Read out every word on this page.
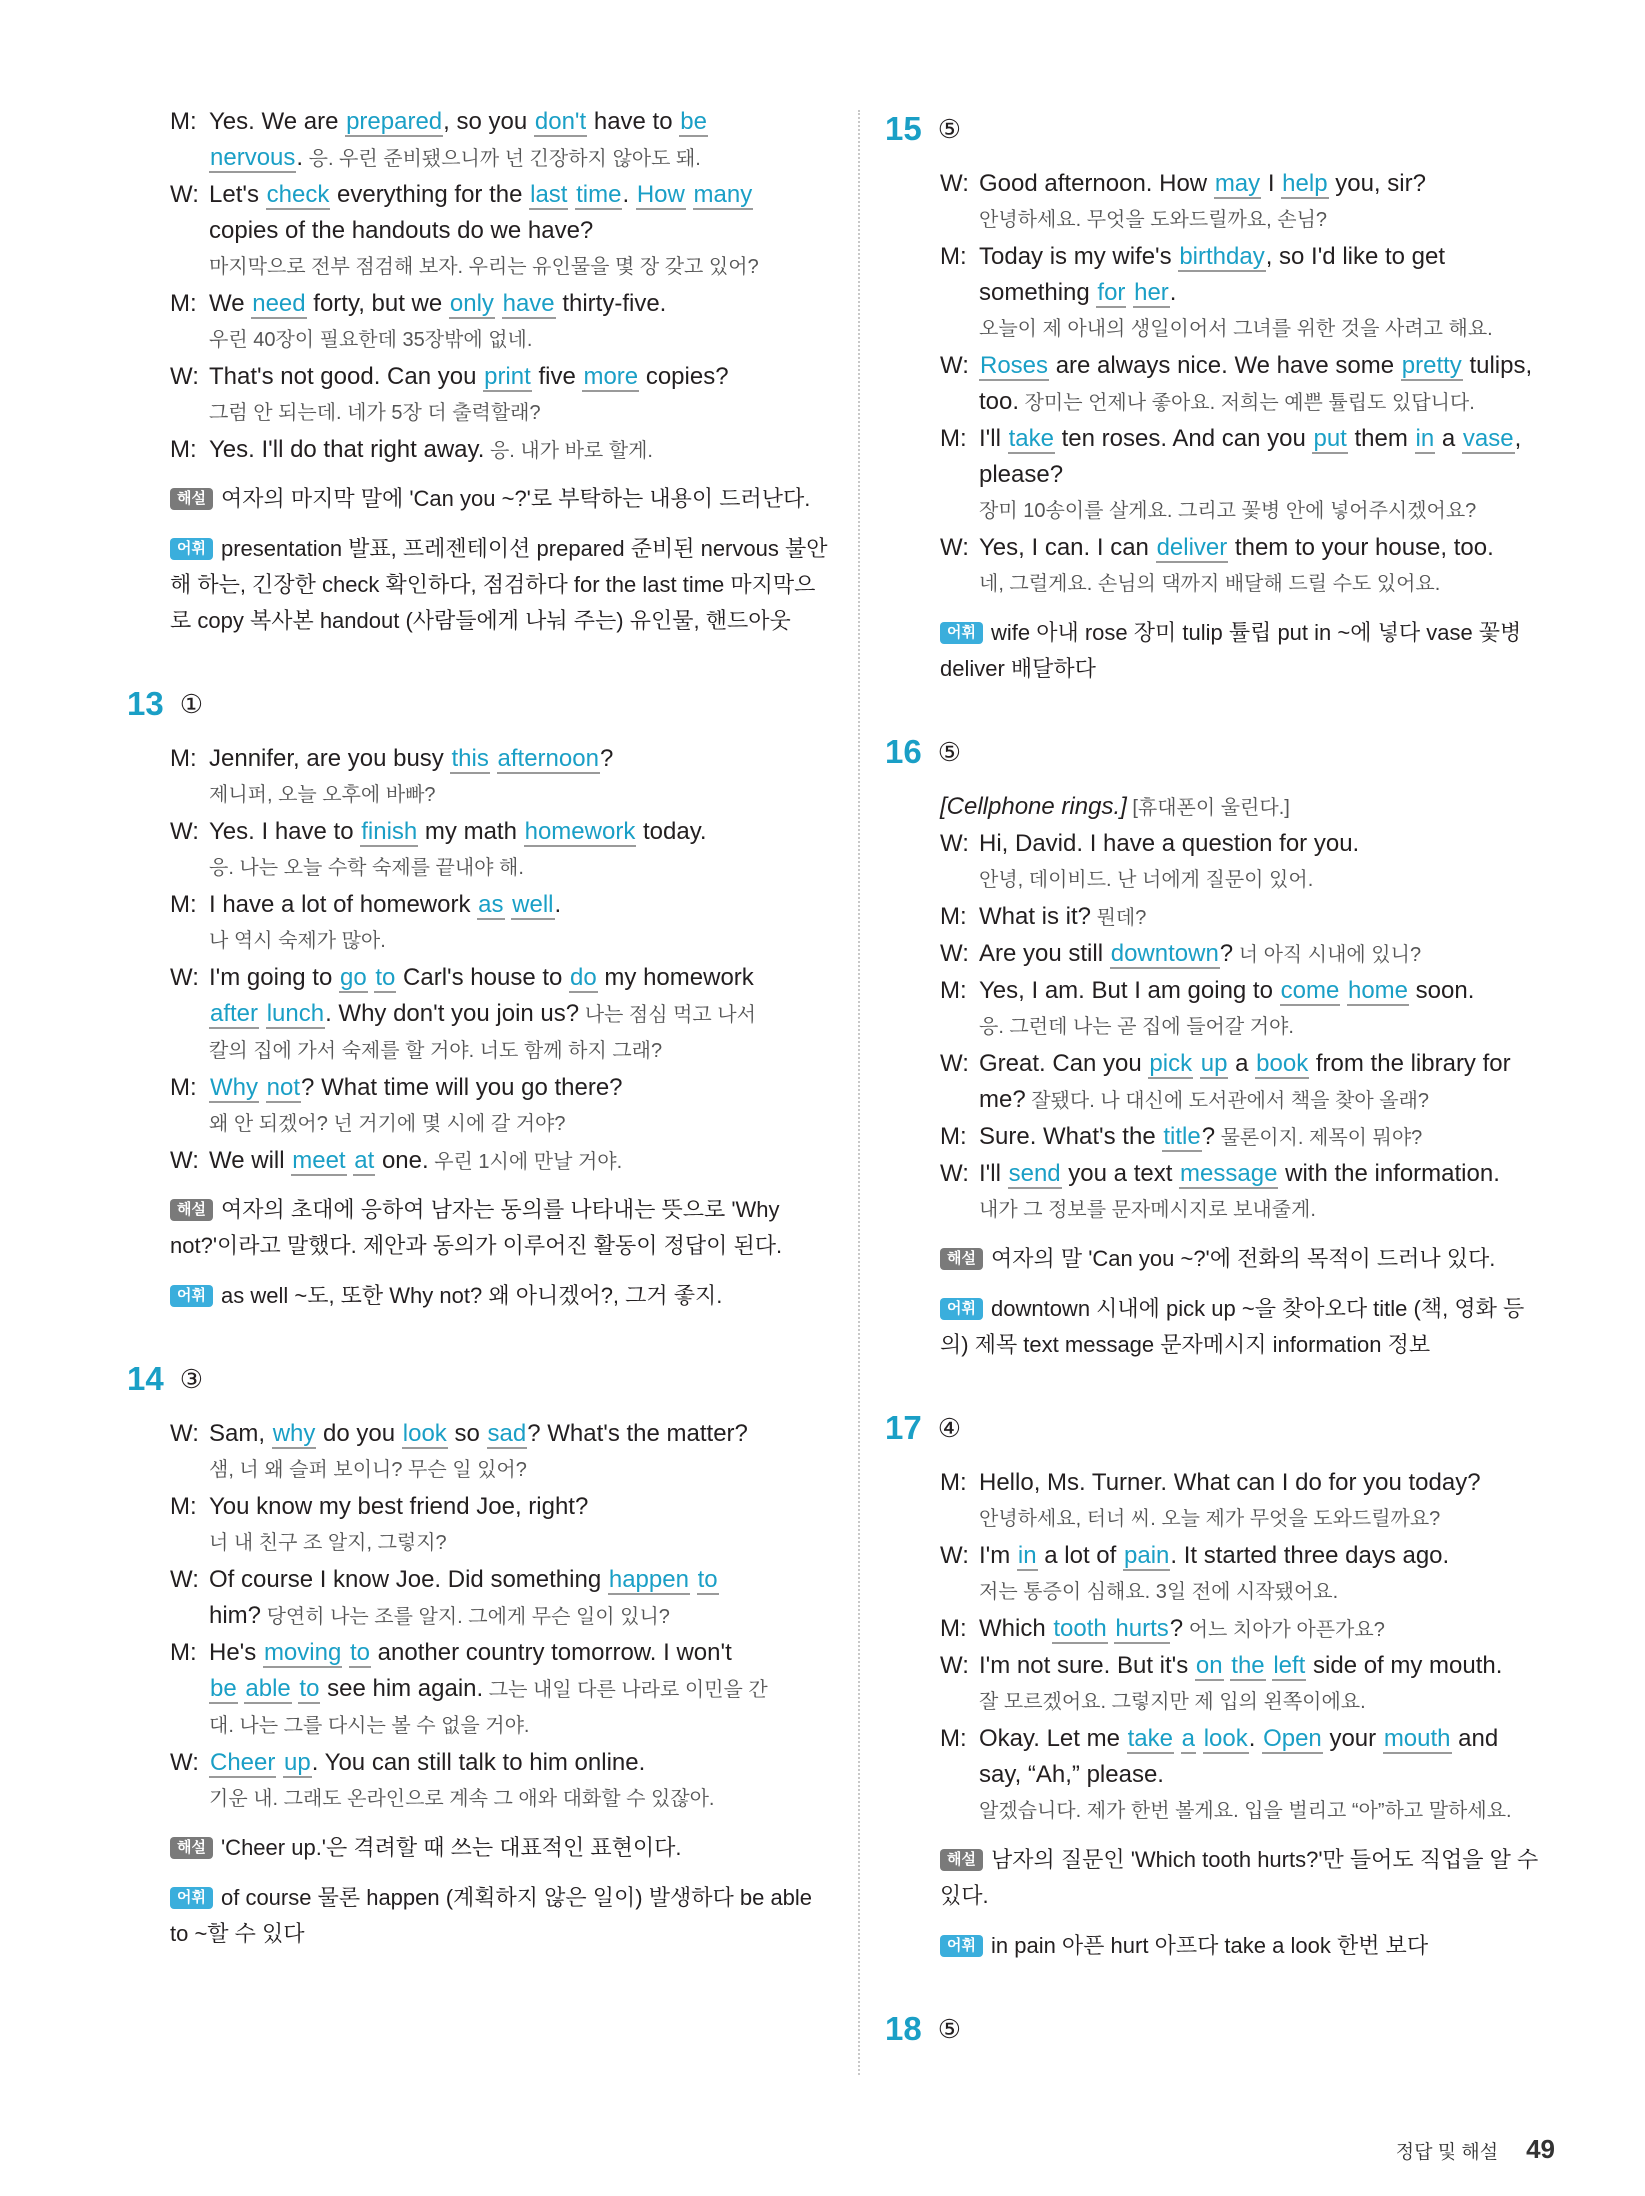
M: Yes. We are prepared, so you don't have to be
nervous. 응. 우린 준비됐으니까 넌 긴장하지 않아도 돼.
W: Let's check everything for the last time. How many
copies of the handouts do we have?
마지막으로 전부 점검해 보자. 우리는 유인물을 몇 장 갖고 있어?
M: We need forty, but we only have thirty-five.
우린 40장이 필요한데 35장밖에 없네.
W: That's not good. Can you print five more copies?
그럼 안 되는데. 네가 5장 더 출력할래?
M: Yes. I'll do that right away. 응. 내가 바로 할게.
해설 여자의 마지막 말에 'Can you ~?'로 부탁하는 내용이 드러난다.
어휘 presentation 발표, 프레젠테이션 prepared 준비된 nervous 불안해 하는, 긴장한 check 확인하다, 점검하다 for the last time 마지막으로 copy 복사본 handout (사람들에게 나눠 주는) 유인물, 핸드아웃
13 ①
M: Jennifer, are you busy this afternoon?
제니퍼, 오늘 오후에 바빠?
W: Yes. I have to finish my math homework today.
응. 나는 오늘 수학 숙제를 끝내야 해.
M: I have a lot of homework as well.
나 역시 숙제가 많아.
W: I'm going to go to Carl's house to do my homework
after lunch. Why don't you join us? 나는 점심 먹고 나서
칼의 집에 가서 숙제를 할 거야. 너도 함께 하지 그래?
M: Why not? What time will you go there?
왜 안 되겠어? 넌 거기에 몇 시에 갈 거야?
W: We will meet at one. 우린 1시에 만날 거야.
해설 여자의 초대에 응하여 남자는 동의를 나타내는 뜻으로 'Why not?'이라고 말했다. 제안과 동의가 이루어진 활동이 정답이 된다.
어휘 as well ~도, 또한 Why not? 왜 아니겠어?, 그거 좋지.
14 ③
W: Sam, why do you look so sad? What's the matter?
샘, 너 왜 슬퍼 보이니? 무슨 일 있어?
M: You know my best friend Joe, right?
너 내 친구 조 알지, 그렇지?
W: Of course I know Joe. Did something happen to
him? 당연히 나는 조를 알지. 그에게 무슨 일이 있니?
M: He's moving to another country tomorrow. I won't
be able to see him again. 그는 내일 다른 나라로 이민을 간
대. 나는 그를 다시는 볼 수 없을 거야.
W: Cheer up. You can still talk to him online.
기운 내. 그래도 온라인으로 계속 그 애와 대화할 수 있잖아.
해설 'Cheer up.'은 격려할 때 쓰는 대표적인 표현이다.
어휘 of course 물론 happen (계획하지 않은 일이) 발생하다 be able to ~할 수 있다
15 ⑤
W: Good afternoon. How may I help you, sir?
안녕하세요. 무엇을 도와드릴까요, 손님?
M: Today is my wife's birthday, so I'd like to get
something for her.
오늘이 제 아내의 생일이어서 그녀를 위한 것을 사려고 해요.
W: Roses are always nice. We have some pretty tulips,
too. 장미는 언제나 좋아요. 저희는 예쁜 튤립도 있답니다.
M: I'll take ten roses. And can you put them in a vase,
please?
장미 10송이를 살게요. 그리고 꽃병 안에 넣어주시겠어요?
W: Yes, I can. I can deliver them to your house, too.
네, 그럴게요. 손님의 댁까지 배달해 드릴 수도 있어요.
어휘 wife 아내 rose 장미 tulip 튤립 put in ~에 넣다 vase 꽃병 deliver 배달하다
16 ⑤
[Cellphone rings.] [휴대폰이 울린다.]
W: Hi, David. I have a question for you.
안녕, 데이비드. 난 너에게 질문이 있어.
M: What is it? 뭔데?
W: Are you still downtown? 너 아직 시내에 있니?
M: Yes, I am. But I am going to come home soon.
응. 그런데 나는 곧 집에 들어갈 거야.
W: Great. Can you pick up a book from the library for
me? 잘됐다. 나 대신에 도서관에서 책을 찾아 올래?
M: Sure. What's the title? 물론이지. 제목이 뭐야?
W: I'll send you a text message with the information.
내가 그 정보를 문자메시지로 보내줄게.
해설 여자의 말 'Can you ~?'에 전화의 목적이 드러나 있다.
어휘 downtown 시내에 pick up ~을 찾아오다 title (책, 영화 등의) 제목 text message 문자메시지 information 정보
17 ④
M: Hello, Ms. Turner. What can I do for you today?
안녕하세요, 터너 씨. 오늘 제가 무엇을 도와드릴까요?
W: I'm in a lot of pain. It started three days ago.
저는 통증이 심해요. 3일 전에 시작됐어요.
M: Which tooth hurts? 어느 치아가 아픈가요?
W: I'm not sure. But it's on the left side of my mouth.
잘 모르겠어요. 그렇지만 제 입의 왼쪽이에요.
M: Okay. Let me take a look. Open your mouth and
say, “Ah,” please.
알겠습니다. 제가 한번 볼게요. 입을 벌리고 “아”하고 말하세요.
해설 남자의 질문인 'Which tooth hurts?'만 들어도 직업을 알 수 있다.
어휘 in pain 아픈 hurt 아프다 take a look 한번 보다
18 ⑤
정답 및 해설 49
